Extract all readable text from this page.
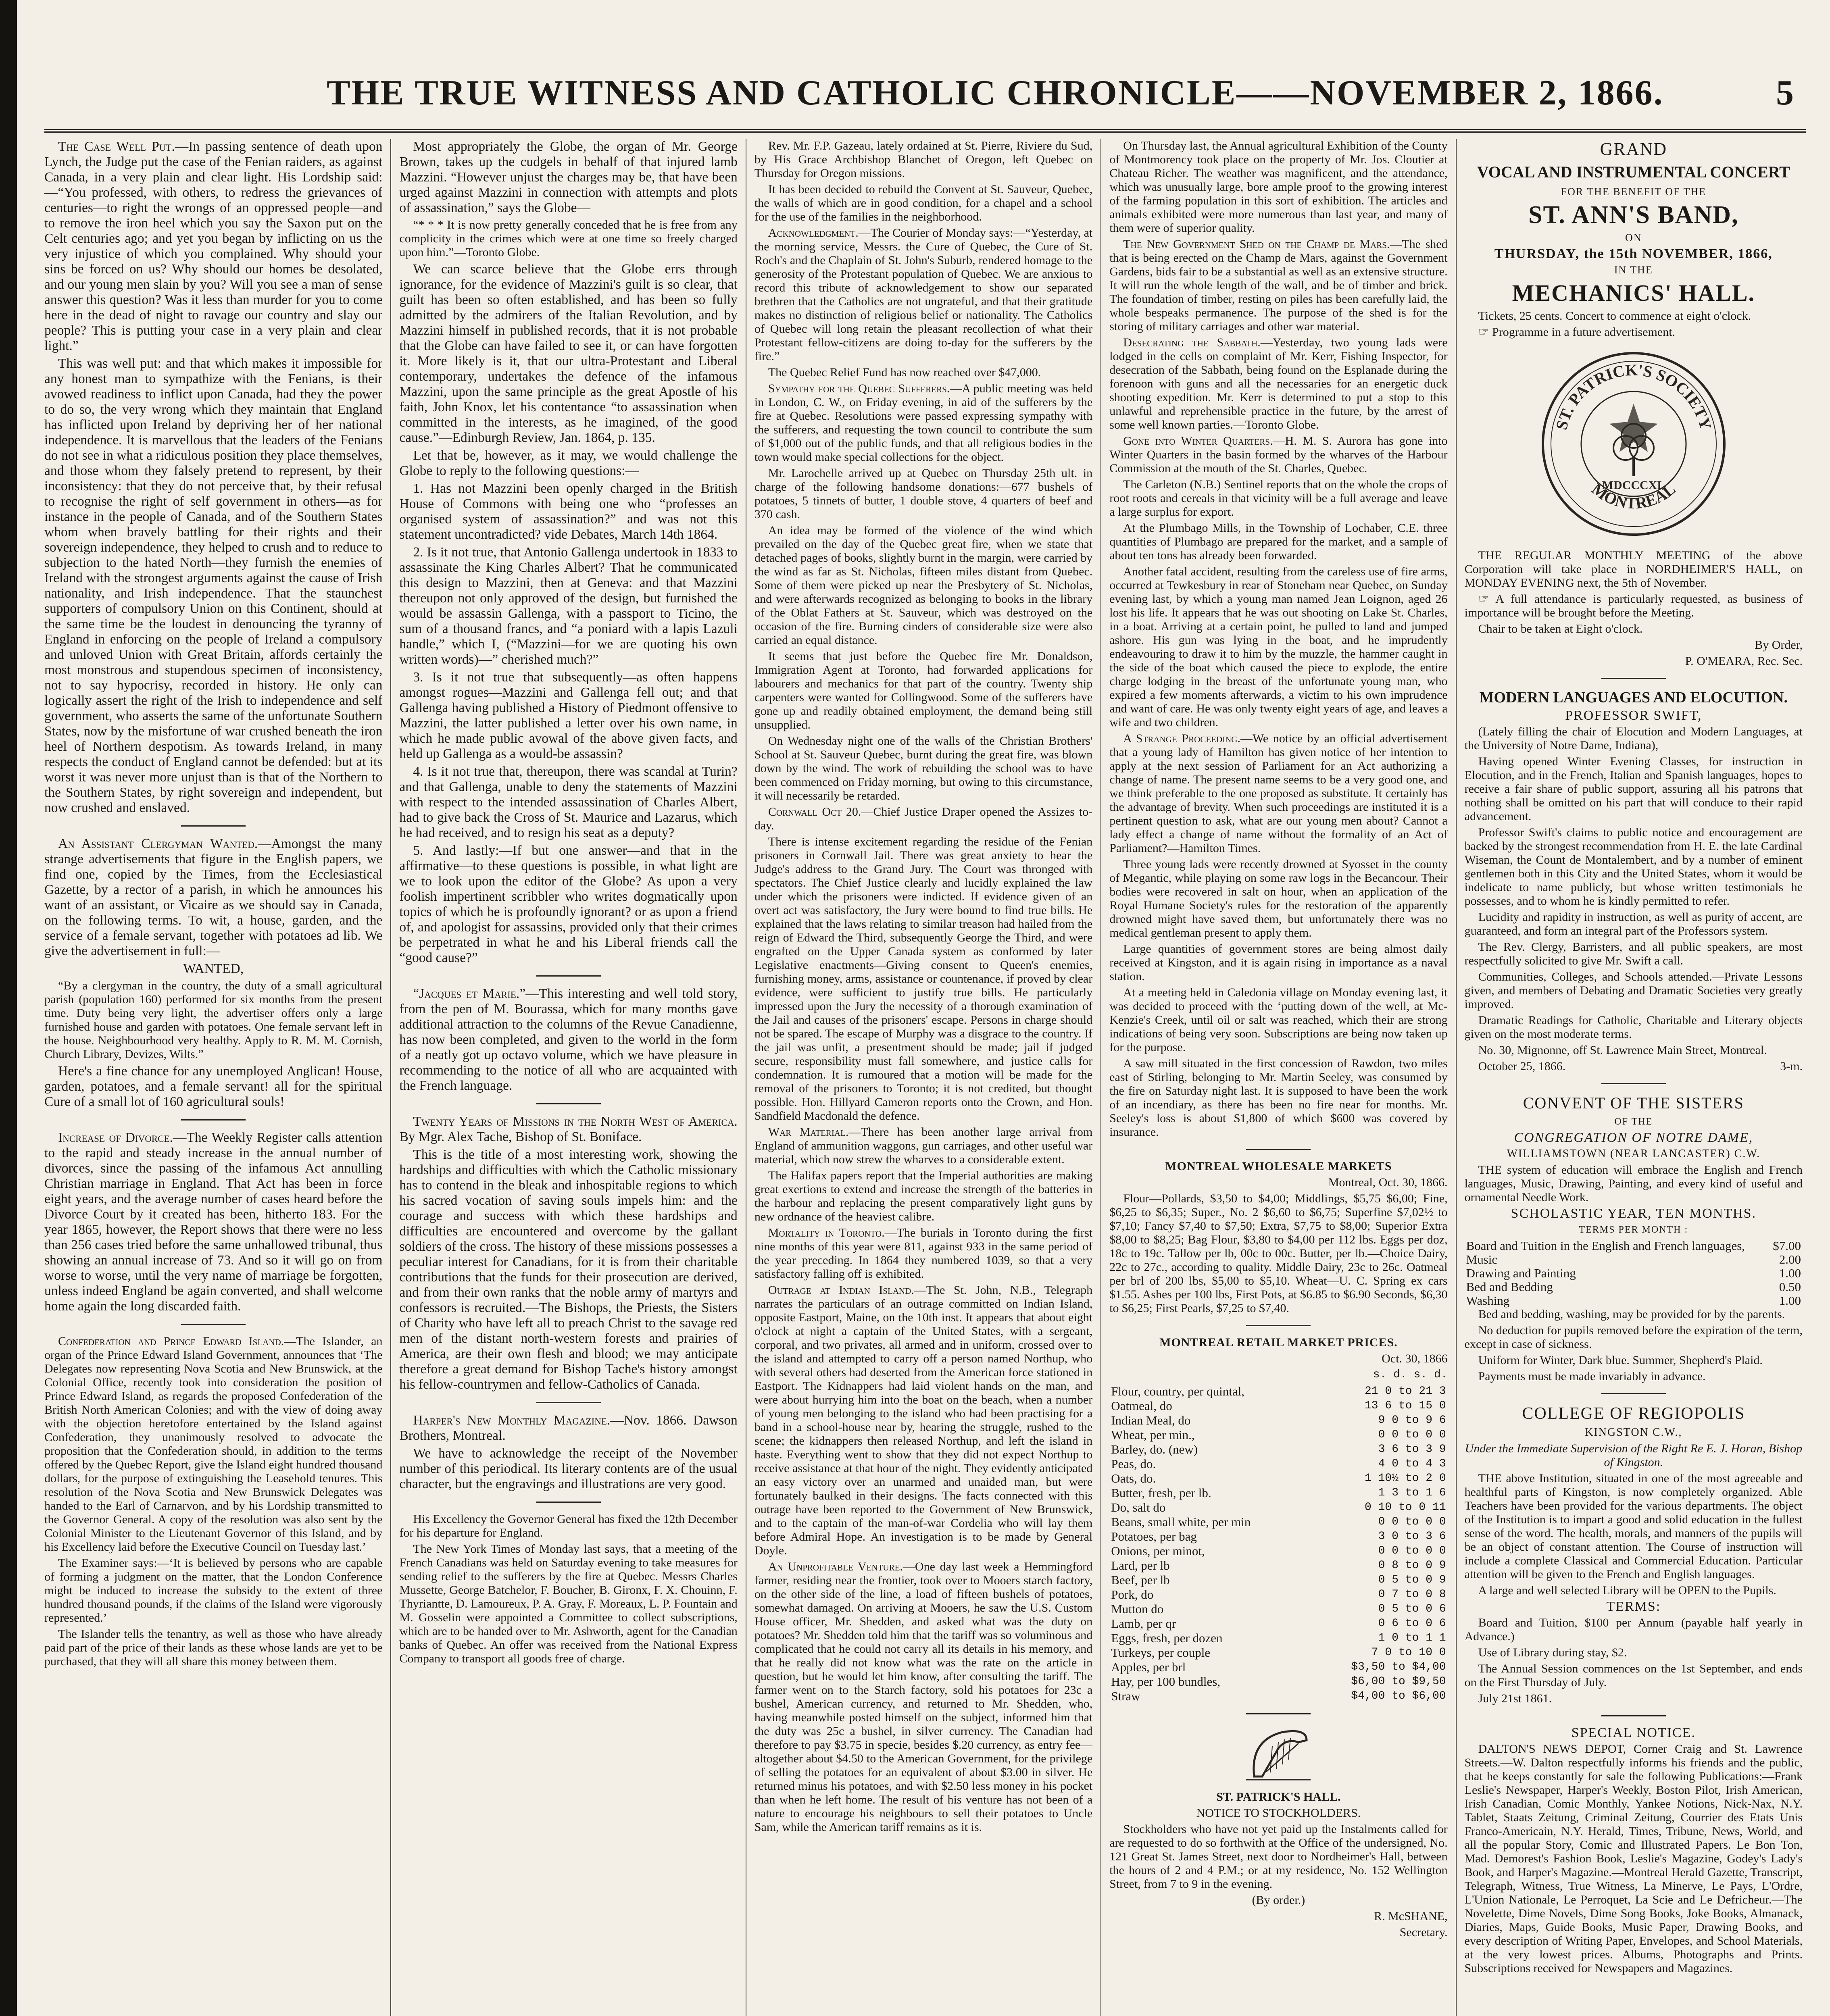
THE TRUE WITNESS AND CATHOLIC CHRONICLE——NOVEMBER 2, 1866.	5

The Case Well Put.—In passing sentence of death upon Lynch, the Judge put the case of the Fenian raiders, as against Canada, in a very plain and clear light. His Lordship said:—“You professed, with others, to redress the grievances of centuries—to right the wrongs of an oppressed people—and to remove the iron heel which you say the Saxon put on the Celt centuries ago; and yet you began by inflicting on us the very injustice of which you complained. Why should your sins be forced on us? Why should our homes be desolated, and our young men slain by you? Will you see a man of sense answer this question? Was it less than murder for you to come here in the dead of night to ravage our country and slay our people? This is putting your case in a very plain and clear light.”

This was well put: and that which makes it impossible for any honest man to sympathize with the Fenians, is their avowed readiness to inflict upon Canada, had they the power to do so, the very wrong which they maintain that England has inflicted upon Ireland by depriving her of her national independence. It is marvellous that the leaders of the Fenians do not see in what a ridiculous position they place themselves, and those whom they falsely pretend to represent, by their inconsistency: that they do not perceive that, by their refusal to recognise the right of self government in others—as for instance in the people of Canada, and of the Southern States whom when bravely battling for their rights and their sovereign independence, they helped to crush and to reduce to subjection to the hated North—they furnish the enemies of Ireland with the strongest arguments against the cause of Irish nationality, and Irish independence. That the staunchest supporters of compulsory Union on this Continent, should at the same time be the loudest in denouncing the tyranny of England in enforcing on the people of Ireland a compulsory and unloved Union with Great Britain, affords certainly the most monstrous and stupendous specimen of inconsistency, not to say hypocrisy, recorded in history. He only can logically assert the right of the Irish to independence and self government, who asserts the same of the unfortunate Southern States, now by the misfortune of war crushed beneath the iron heel of Northern despotism. As towards Ireland, in many respects the conduct of England cannot be defended: but at its worst it was never more unjust than is that of the Northern to the Southern States, by right sovereign and independent, but now crushed and enslaved.

An Assistant Clergyman Wanted.—Amongst the many strange advertisements that figure in the English papers, we find one, copied by the Times, from the Ecclesiastical Gazette, by a rector of a parish, in which he announces his want of an assistant, or Vicaire as we should say in Canada, on the following terms. To wit, a house, garden, and the service of a female servant, together with potatoes ad lib. We give the advertisement in full:—

WANTED,

“By a clergyman in the country, the duty of a small agricultural parish (population 160) performed for six months from the present time. Duty being very light, the advertiser offers only a large furnished house and garden with potatoes. One female servant left in the house. Neighbourhood very healthy. Apply to R. M. M. Cornish, Church Library, Devizes, Wilts.”

Here's a fine chance for any unemployed Anglican! House, garden, potatoes, and a female servant! all for the spiritual Cure of a small lot of 160 agricultural souls!

Increase of Divorce.—The Weekly Register calls attention to the rapid and steady increase in the annual number of divorces, since the passing of the infamous Act annulling Christian marriage in England. That Act has been in force eight years, and the average number of cases heard before the Divorce Court by it created has been, hitherto 183. For the year 1865, however, the Report shows that there were no less than 256 cases tried before the same unhallowed tribunal, thus showing an annual increase of 73. And so it will go on from worse to worse, until the very name of marriage be forgotten, unless indeed England be again converted, and shall welcome home again the long discarded faith.

Confederation and Prince Edward Island.—The Islander, an organ of the Prince Edward Island Government, announces that ‘The Delegates now representing Nova Scotia and New Brunswick, at the Colonial Office, recently took into consideration the position of Prince Edward Island, as regards the proposed Confederation of the British North American Colonies; and with the view of doing away with the objection heretofore entertained by the Island against Confederation, they unanimously resolved to advocate the proposition that the Confederation should, in addition to the terms offered by the Quebec Report, give the Island eight hundred thousand dollars, for the purpose of extinguishing the Leasehold tenures. This resolution of the Nova Scotia and New Brunswick Delegates was handed to the Earl of Carnarvon, and by his Lordship transmitted to the Governor General. A copy of the resolution was also sent by the Colonial Minister to the Lieutenant Governor of this Island, and by his Excellency laid before the Executive Council on Tuesday last.’

The Examiner says:—‘It is believed by persons who are capable of forming a judgment on the matter, that the London Conference might be induced to increase the subsidy to the extent of three hundred thousand pounds, if the claims of the Island were vigorously represented.’

The Islander tells the tenantry, as well as those who have already paid part of the price of their lands as these whose lands are yet to be purchased, that they will all share this money between them.

Most appropriately the Globe, the organ of Mr. George Brown, takes up the cudgels in behalf of that injured lamb Mazzini. “However unjust the charges may be, that have been urged against Mazzini in connection with attempts and plots of assassination,” says the Globe—

“* * * It is now pretty generally conceded that he is free from any complicity in the crimes which were at one time so freely charged upon him.”—Toronto Globe.

We can scarce believe that the Globe errs through ignorance, for the evidence of Mazzini's guilt is so clear, that guilt has been so often established, and has been so fully admitted by the admirers of the Italian Revolution, and by Mazzini himself in published records, that it is not probable that the Globe can have failed to see it, or can have forgotten it. More likely is it, that our ultra-Protestant and Liberal contemporary, undertakes the defence of the infamous Mazzini, upon the same principle as the great Apostle of his faith, John Knox, let his contentance “to assassination when committed in the interests, as he imagined, of the good cause.”—Edinburgh Review, Jan. 1864, p. 135.

Let that be, however, as it may, we would challenge the Globe to reply to the following questions:—

1. Has not Mazzini been openly charged in the British House of Commons with being one who “professes an organised system of assassination?” and was not this statement uncontradicted? vide Debates, March 14th 1864.

2. Is it not true, that Antonio Gallenga undertook in 1833 to assassinate the King Charles Albert? That he communicated this design to Mazzini, then at Geneva: and that Mazzini thereupon not only approved of the design, but furnished the would be assassin Gallenga, with a passport to Ticino, the sum of a thousand francs, and “a poniard with a lapis Lazuli handle,” which I, (“Mazzini—for we are quoting his own written words)—” cherished much?”

3. Is it not true that subsequently—as often happens amongst rogues—Mazzini and Gallenga fell out; and that Gallenga having published a History of Piedmont offensive to Mazzini, the latter published a letter over his own name, in which he made public avowal of the above given facts, and held up Gallenga as a would-be assassin?

4. Is it not true that, thereupon, there was scandal at Turin? and that Gallenga, unable to deny the statements of Mazzini with respect to the intended assassination of Charles Albert, had to give back the Cross of St. Maurice and Lazarus, which he had received, and to resign his seat as a deputy?

5. And lastly:—If but one answer—and that in the affirmative—to these questions is possible, in what light are we to look upon the editor of the Globe? As upon a very foolish impertinent scribbler who writes dogmatically upon topics of which he is profoundly ignorant? or as upon a friend of, and apologist for assassins, provided only that their crimes be perpetrated in what he and his Liberal friends call the “good cause?”

“Jacques et Marie.”—This interesting and well told story, from the pen of M. Bourassa, which for many months gave additional attraction to the columns of the Revue Canadienne, has now been completed, and given to the world in the form of a neatly got up octavo volume, which we have pleasure in recommending to the notice of all who are acquainted with the French language.

Twenty Years of Missions in the North West of America. By Mgr. Alex Tache, Bishop of St. Boniface.

This is the title of a most interesting work, showing the hardships and difficulties with which the Catholic missionary has to contend in the bleak and inhospitable regions to which his sacred vocation of saving souls impels him: and the courage and success with which these hardships and difficulties are encountered and overcome by the gallant soldiers of the cross. The history of these missions possesses a peculiar interest for Canadians, for it is from their charitable contributions that the funds for their prosecution are derived, and from their own ranks that the noble army of martyrs and confessors is recruited.—The Bishops, the Priests, the Sisters of Charity who have left all to preach Christ to the savage red men of the distant north-western forests and prairies of America, are their own flesh and blood; we may anticipate therefore a great demand for Bishop Tache's history amongst his fellow-countrymen and fellow-Catholics of Canada.

Harper's New Monthly Magazine.—Nov. 1866. Dawson Brothers, Montreal.

We have to acknowledge the receipt of the November number of this periodical. Its literary contents are of the usual character, but the engravings and illustrations are very good.

His Excellency the Governor General has fixed the 12th December for his departure for England.

The New York Times of Monday last says, that a meeting of the French Canadians was held on Saturday evening to take measures for sending relief to the sufferers by the fire at Quebec. Messrs Charles Mussette, George Batchelor, F. Boucher, B. Gironx, F. X. Chouinn, F. Thyriantte, D. Lamoureux, P. A. Gray, F. Moreaux, L. P. Fountain and M. Gosselin were appointed a Committee to collect subscriptions, which are to be handed over to Mr. Ashworth, agent for the Canadian banks of Quebec. An offer was received from the National Express Company to transport all goods free of charge.

Rev. Mr. F.P. Gazeau, lately ordained at St. Pierre, Riviere du Sud, by His Grace Archbishop Blanchet of Oregon, left Quebec on Thursday for Oregon missions.

It has been decided to rebuild the Convent at St. Sauveur, Quebec, the walls of which are in good condition, for a chapel and a school for the use of the families in the neighborhood.

Acknowledgment.—The Courier of Monday says:—“Yesterday, at the morning service, Messrs. the Cure of Quebec, the Cure of St. Roch's and the Chaplain of St. John's Suburb, rendered homage to the generosity of the Protestant population of Quebec. We are anxious to record this tribute of acknowledgement to show our separated brethren that the Catholics are not ungrateful, and that their gratitude makes no distinction of religious belief or nationality. The Catholics of Quebec will long retain the pleasant recollection of what their Protestant fellow-citizens are doing to-day for the sufferers by the fire.”

The Quebec Relief Fund has now reached over $47,000.

Sympathy for the Quebec Sufferers.—A public meeting was held in London, C. W., on Friday evening, in aid of the sufferers by the fire at Quebec. Resolutions were passed expressing sympathy with the sufferers, and requesting the town council to contribute the sum of $1,000 out of the public funds, and that all religious bodies in the town would make special collections for the object.

Mr. Larochelle arrived up at Quebec on Thursday 25th ult. in charge of the following handsome donations:—677 bushels of potatoes, 5 tinnets of butter, 1 double stove, 4 quarters of beef and 370 cash.

An idea may be formed of the violence of the wind which prevailed on the day of the Quebec great fire, when we state that detached pages of books, slightly burnt in the margin, were carried by the wind as far as St. Nicholas, fifteen miles distant from Quebec. Some of them were picked up near the Presbytery of St. Nicholas, and were afterwards recognized as belonging to books in the library of the Oblat Fathers at St. Sauveur, which was destroyed on the occasion of the fire. Burning cinders of considerable size were also carried an equal distance.

It seems that just before the Quebec fire Mr. Donaldson, Immigration Agent at Toronto, had forwarded applications for labourers and mechanics for that part of the country. Twenty ship carpenters were wanted for Collingwood. Some of the sufferers have gone up and readily obtained employment, the demand being still unsupplied.

On Wednesday night one of the walls of the Christian Brothers' School at St. Sauveur Quebec, burnt during the great fire, was blown down by the wind. The work of rebuilding the school was to have been commenced on Friday morning, but owing to this circumstance, it will necessarily be retarded.

Cornwall Oct 20.—Chief Justice Draper opened the Assizes to-day.

There is intense excitement regarding the residue of the Fenian prisoners in Cornwall Jail. There was great anxiety to hear the Judge's address to the Grand Jury. The Court was thronged with spectators. The Chief Justice clearly and lucidly explained the law under which the prisoners were indicted. If evidence given of an overt act was satisfactory, the Jury were bound to find true bills. He explained that the laws relating to similar treason had hailed from the reign of Edward the Third, subsequently George the Third, and were engrafted on the Upper Canada system as conformed by later Legislative enactments—Giving consent to Queen's enemies, furnishing money, arms, assistance or countenance, if proved by clear evidence, were sufficient to justify true bills. He particularly impressed upon the Jury the necessity of a thorough examination of the Jail and causes of the prisoners' escape. Persons in charge should not be spared. The escape of Murphy was a disgrace to the country. If the jail was unfit, a presentment should be made; jail if judged secure, responsibility must fall somewhere, and justice calls for condemnation. It is rumoured that a motion will be made for the removal of the prisoners to Toronto; it is not credited, but thought possible. Hon. Hillyard Cameron reports onto the Crown, and Hon. Sandfield Macdonald the defence.

War Material.—There has been another large arrival from England of ammunition waggons, gun carriages, and other useful war material, which now strew the wharves to a considerable extent.

The Halifax papers report that the Imperial authorities are making great exertions to extend and increase the strength of the batteries in the harbour and replacing the present comparatively light guns by new ordnance of the heaviest calibre.

Mortality in Toronto.—The burials in Toronto during the first nine months of this year were 811, against 933 in the same period of the year preceding. In 1864 they numbered 1039, so that a very satisfactory falling off is exhibited.

Outrage at Indian Island.—The St. John, N.B., Telegraph narrates the particulars of an outrage committed on Indian Island, opposite Eastport, Maine, on the 10th inst. It appears that about eight o'clock at night a captain of the United States, with a sergeant, corporal, and two privates, all armed and in uniform, crossed over to the island and attempted to carry off a person named Northup, who with several others had deserted from the American force stationed in Eastport. The Kidnappers had laid violent hands on the man, and were about hurrying him into the boat on the beach, when a number of young men belonging to the island who had been practising for a band in a school-house near by, hearing the struggle, rushed to the scene; the kidnappers then released Northup, and left the island in haste. Everything went to show that they did not expect Northup to receive assistance at that hour of the night. They evidently anticipated an easy victory over an unarmed and unaided man, but were fortunately baulked in their designs. The facts connected with this outrage have been reported to the Government of New Brunswick, and to the captain of the man-of-war Cordelia who will lay them before Admiral Hope. An investigation is to be made by General Doyle.

An Unprofitable Venture.—One day last week a Hemmingford farmer, residing near the frontier, took over to Mooers starch factory, on the other side of the line, a load of fifteen bushels of potatoes, somewhat damaged. On arriving at Mooers, he saw the U.S. Custom House officer, Mr. Shedden, and asked what was the duty on potatoes? Mr. Shedden told him that the tariff was so voluminous and complicated that he could not carry all its details in his memory, and that he really did not know what was the rate on the article in question, but he would let him know, after consulting the tariff. The farmer went on to the Starch factory, sold his potatoes for 23c a bushel, American currency, and returned to Mr. Shedden, who, having meanwhile posted himself on the subject, informed him that the duty was 25c a bushel, in silver currency. The Canadian had therefore to pay $3.75 in specie, besides $.20 currency, as entry fee—altogether about $4.50 to the American Government, for the privilege of selling the potatoes for an equivalent of about $3.00 in silver. He returned minus his potatoes, and with $2.50 less money in his pocket than when he left home. The result of his venture has not been of a nature to encourage his neighbours to sell their potatoes to Uncle Sam, while the American tariff remains as it is.

On Thursday last, the Annual agricultural Exhibition of the County of Montmorency took place on the property of Mr. Jos. Cloutier at Chateau Richer. The weather was magnificent, and the attendance, which was unusually large, bore ample proof to the growing interest of the farming population in this sort of exhibition. The articles and animals exhibited were more numerous than last year, and many of them were of superior quality.

The New Government Shed on the Champ de Mars.—The shed that is being erected on the Champ de Mars, against the Government Gardens, bids fair to be a substantial as well as an extensive structure. It will run the whole length of the wall, and be of timber and brick. The foundation of timber, resting on piles has been carefully laid, the whole bespeaks permanence. The purpose of the shed is for the storing of military carriages and other war material.

Desecrating the Sabbath.—Yesterday, two young lads were lodged in the cells on complaint of Mr. Kerr, Fishing Inspector, for desecration of the Sabbath, being found on the Esplanade during the forenoon with guns and all the necessaries for an energetic duck shooting expedition. Mr. Kerr is determined to put a stop to this unlawful and reprehensible practice in the future, by the arrest of some well known parties.—Toronto Globe.

Gone into Winter Quarters.—H. M. S. Aurora has gone into Winter Quarters in the basin formed by the wharves of the Harbour Commission at the mouth of the St. Charles, Quebec.

The Carleton (N.B.) Sentinel reports that on the whole the crops of root roots and cereals in that vicinity will be a full average and leave a large surplus for export.

At the Plumbago Mills, in the Township of Lochaber, C.E. three quantities of Plumbago are prepared for the market, and a sample of about ten tons has already been forwarded.

Another fatal accident, resulting from the careless use of fire arms, occurred at Tewkesbury in rear of Stoneham near Quebec, on Sunday evening last, by which a young man named Jean Loignon, aged 26 lost his life. It appears that he was out shooting on Lake St. Charles, in a boat. Arriving at a certain point, he pulled to land and jumped ashore. His gun was lying in the boat, and he imprudently endeavouring to draw it to him by the muzzle, the hammer caught in the side of the boat which caused the piece to explode, the entire charge lodging in the breast of the unfortunate young man, who expired a few moments afterwards, a victim to his own imprudence and want of care. He was only twenty eight years of age, and leaves a wife and two children.

A Strange Proceeding.—We notice by an official advertisement that a young lady of Hamilton has given notice of her intention to apply at the next session of Parliament for an Act authorizing a change of name. The present name seems to be a very good one, and we think preferable to the one proposed as substitute. It certainly has the advantage of brevity. When such proceedings are instituted it is a pertinent question to ask, what are our young men about? Cannot a lady effect a change of name without the formality of an Act of Parliament?—Hamilton Times.

Three young lads were recently drowned at Syosset in the county of Megantic, while playing on some raw logs in the Becancour. Their bodies were recovered in salt on hour, when an application of the Royal Humane Society's rules for the restoration of the apparently drowned might have saved them, but unfortunately there was no medical gentleman present to apply them.

Large quantities of government stores are being almost daily received at Kingston, and it is again rising in importance as a naval station.

At a meeting held in Caledonia village on Monday evening last, it was decided to proceed with the ‘putting down of the well, at Mc-Kenzie's Creek, until oil or salt was reached, which their are strong indications of being very soon. Subscriptions are being now taken up for the purpose.

A saw mill situated in the first concession of Rawdon, two miles east of Stirling, belonging to Mr. Martin Seeley, was consumed by the fire on Saturday night last. It is supposed to have been the work of an incendiary, as there has been no fire near for months. Mr. Seeley's loss is about $1,800 of which $600 was covered by insurance.

MONTREAL WHOLESALE MARKETS

Montreal, Oct. 30, 1866.

Flour—Pollards, $3,50 to $4,00; Middlings, $5,75 $6,00; Fine, $6,25 to $6,35; Super., No. 2 $6,60 to $6,75; Superfine $7,02½ to $7,10; Fancy $7,40 to $7,50; Extra, $7,75 to $8,00; Superior Extra $8,00 to $8,25; Bag Flour, $3,80 to $4,00 per 112 lbs. Eggs per doz, 18c to 19c. Tallow per lb, 00c to 00c. Butter, per lb.—Choice Dairy, 22c to 27c., according to quality. Middle Dairy, 23c to 26c. Oatmeal per brl of 200 lbs, $5,00 to $5,10. Wheat—U. C. Spring ex cars $1.55. Ashes per 100 lbs, First Pots, at $6.85 to $6.90 Seconds, $6,30 to $6,25; First Pearls, $7,25 to $7,40.

MONTREAL RETAIL MARKET PRICES.

Oct. 30, 1866

s. d. s. d.

Flour, country, per quintal,	21 0 to 21 3
Oatmeal, do	13 6 to 15 0
Indian Meal, do	9 0 to 9 6
Wheat, per min.,	0 0 to 0 0
Barley, do. (new)	3 6 to 3 9
Peas, do.	4 0 to 4 3
Oats, do.	1 10½ to 2 0
Butter, fresh, per lb.	1 3 to 1 6
Do, salt do	0 10 to 0 11
Beans, small white, per min	0 0 to 0 0
Potatoes, per bag	3 0 to 3 6
Onions, per minot,	0 0 to 0 0
Lard, per lb	0 8 to 0 9
Beef, per lb	0 5 to 0 9
Pork, do	0 7 to 0 8
Mutton do	0 5 to 0 6
Lamb, per qr	0 6 to 0 6
Eggs, fresh, per dozen	1 0 to 1 1
Turkeys, per couple	7 0 to 10 0
Apples, per brl	$3,50 to $4,00
Hay, per 100 bundles,	$6,00 to $9,50
Straw	$4,00 to $6,00

ST. PATRICK'S HALL.

NOTICE TO STOCKHOLDERS.

Stockholders who have not yet paid up the Instalments called for are requested to do so forthwith at the Office of the undersigned, No. 121 Great St. James Street, next door to Nordheimer's Hall, between the hours of 2 and 4 P.M.; or at my residence, No. 152 Wellington Street, from 7 to 9 in the evening.

(By order.)

R. McSHANE,

Secretary.

GRAND

VOCAL AND INSTRUMENTAL CONCERT

FOR THE BENEFIT OF THE

ST. ANN'S BAND,

ON

THURSDAY, the 15th NOVEMBER, 1866,

IN THE

MECHANICS' HALL.

Tickets, 25 cents. Concert to commence at eight o'clock.

☞ Programme in a future advertisement.

ST. PATRICK'S SOCIETY
MONTREAL
MDCCCXL

THE REGULAR MONTHLY MEETING of the above Corporation will take place in NORDHEIMER'S HALL, on MONDAY EVENING next, the 5th of November.

☞ A full attendance is particularly requested, as business of importance will be brought before the Meeting.

Chair to be taken at Eight o'clock.

By Order,

P. O'MEARA, Rec. Sec.

MODERN LANGUAGES AND ELOCUTION.

PROFESSOR SWIFT,

(Lately filling the chair of Elocution and Modern Languages, at the University of Notre Dame, Indiana),

Having opened Winter Evening Classes, for instruction in Elocution, and in the French, Italian and Spanish languages, hopes to receive a fair share of public support, assuring all his patrons that nothing shall be omitted on his part that will conduce to their rapid advancement.

Professor Swift's claims to public notice and encouragement are backed by the strongest recommendation from H. E. the late Cardinal Wiseman, the Count de Montalembert, and by a number of eminent gentlemen both in this City and the United States, whom it would be indelicate to name publicly, but whose written testimonials he possesses, and to whom he is kindly permitted to refer.

Lucidity and rapidity in instruction, as well as purity of accent, are guaranteed, and form an integral part of the Professors system.

The Rev. Clergy, Barristers, and all public speakers, are most respectfully solicited to give Mr. Swift a call.

Communities, Colleges, and Schools attended.—Private Lessons given, and members of Debating and Dramatic Societies very greatly improved.

Dramatic Readings for Catholic, Charitable and Literary objects given on the most moderate terms.

No. 30, Mignonne, off St. Lawrence Main Street, Montreal.

October 25, 1866.	3-m.

CONVENT OF THE SISTERS

OF THE

CONGREGATION OF NOTRE DAME,

WILLIAMSTOWN (NEAR LANCASTER) C.W.

THE system of education will embrace the English and French languages, Music, Drawing, Painting, and every kind of useful and ornamental Needle Work.

SCHOLASTIC YEAR, TEN MONTHS.

TERMS PER MONTH :

Board and Tuition in the English and French languages,	$7.00
Music	2.00
Drawing and Painting	1.00
Bed and Bedding	0.50
Washing	1.00

Bed and bedding, washing, may be provided for by the parents.

No deduction for pupils removed before the expiration of the term, except in case of sickness.

Uniform for Winter, Dark blue. Summer, Shepherd's Plaid.

Payments must be made invariably in advance.

COLLEGE OF REGIOPOLIS

KINGSTON C.W.,

Under the Immediate Supervision of the Right Re E. J. Horan, Bishop of Kingston.

THE above Institution, situated in one of the most agreeable and healthful parts of Kingston, is now completely organized. Able Teachers have been provided for the various departments. The object of the Institution is to impart a good and solid education in the fullest sense of the word. The health, morals, and manners of the pupils will be an object of constant attention. The Course of instruction will include a complete Classical and Commercial Education. Particular attention will be given to the French and English languages.

A large and well selected Library will be OPEN to the Pupils.

TERMS:

Board and Tuition, $100 per Annum (payable half yearly in Advance.)

Use of Library during stay, $2.

The Annual Session commences on the 1st September, and ends on the First Thursday of July.

July 21st 1861.

SPECIAL NOTICE.

DALTON'S NEWS DEPOT, Corner Craig and St. Lawrence Streets.—W. Dalton respectfully informs his friends and the public, that he keeps constantly for sale the following Publications:—Frank Leslie's Newspaper, Harper's Weekly, Boston Pilot, Irish American, Irish Canadian, Comic Monthly, Yankee Notions, Nick-Nax, N.Y. Tablet, Staats Zeitung, Criminal Zeitung, Courrier des Etats Unis Franco-Americain, N.Y. Herald, Times, Tribune, News, World, and all the popular Story, Comic and Illustrated Papers. Le Bon Ton, Mad. Demorest's Fashion Book, Leslie's Magazine, Godey's Lady's Book, and Harper's Magazine.—Montreal Herald Gazette, Transcript, Telegraph, Witness, True Witness, La Minerve, Le Pays, L'Ordre, L'Union Nationale, Le Perroquet, La Scie and Le Defricheur.—The Novelette, Dime Novels, Dime Song Books, Joke Books, Almanack, Diaries, Maps, Guide Books, Music Paper, Drawing Books, and every description of Writing Paper, Envelopes, and School Materials, at the very lowest prices. Albums, Photographs and Prints. Subscriptions received for Newspapers and Magazines.
